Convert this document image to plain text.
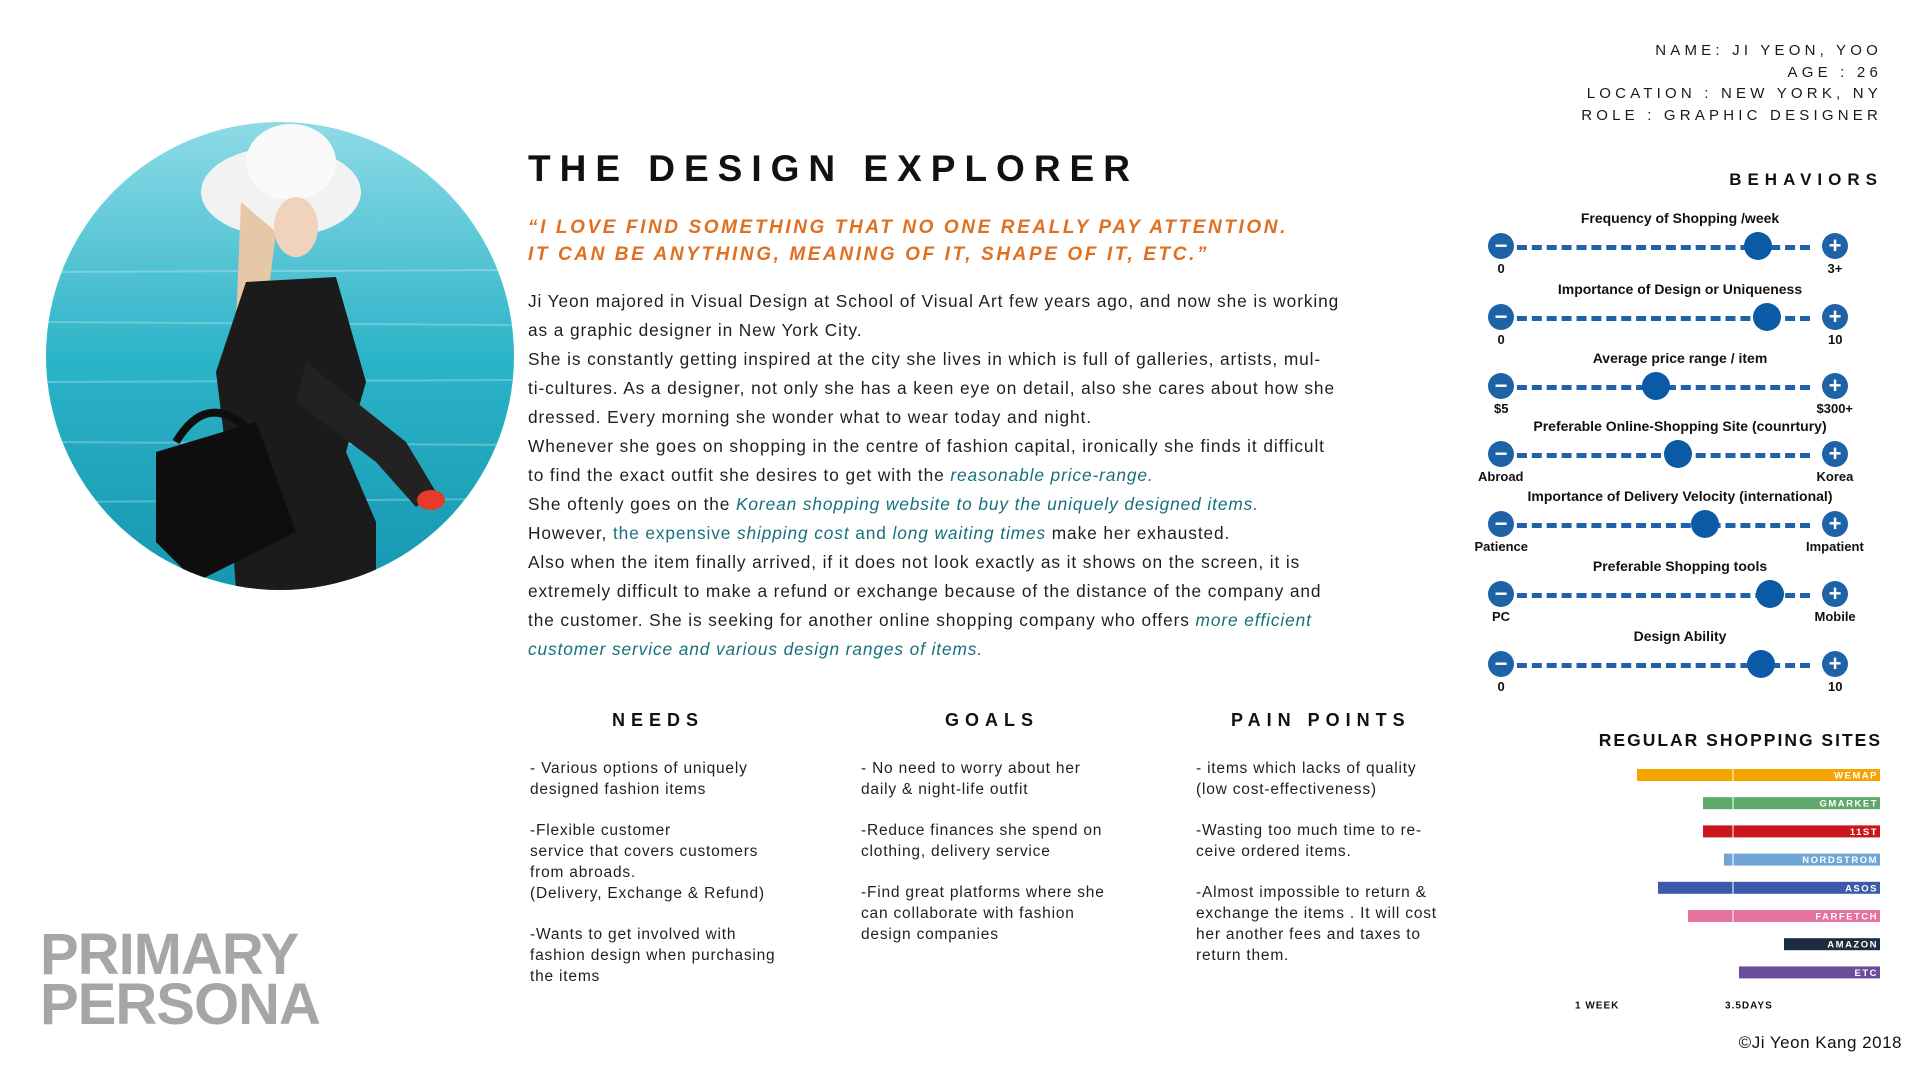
THE DESIGN EXPLORER
“I LOVE FIND SOMETHING THAT NO ONE REALLY PAY ATTENTION.
IT CAN BE ANYTHING, MEANING OF IT, SHAPE OF IT, ETC.”
Ji Yeon majored in Visual Design at School of Visual Art few years ago, and now she is working
as a graphic designer in New York City.
She is constantly getting inspired at the city she lives in which is full of galleries, artists, mul-
ti-cultures. As a designer, not only she has a keen eye on detail, also she cares about how she
dressed. Every morning she wonder what to wear today and night.
Whenever she goes on shopping in the centre of fashion capital, ironically she finds it difficult
to find the exact outfit she desires to get with the reasonable price-range.
She oftenly goes on the Korean shopping website to buy the uniquely designed items.
However, the expensive shipping cost and long waiting times make her exhausted.
Also when the item finally arrived, if it does not look exactly as it shows on the screen, it is
extremely difficult to make a refund or exchange because of the distance of the company and
the customer. She is seeking for another online shopping company who offers more efficient
customer service and various design ranges of items.
NEEDS
- Various options of uniquely
designed fashion items
-Flexible customer
service that covers customers
from abroads.
(Delivery, Exchange & Refund)
-Wants to get involved with
fashion design when purchasing
the items
GOALS
- No need to worry about her
daily & night-life outfit
-Reduce finances she spend on
clothing, delivery service
-Find great platforms where she
can collaborate with fashion
design companies
PAIN POINTS
- items which lacks of quality
(low cost-effectiveness)
-Wasting too much time to re-
ceive ordered items.
-Almost impossible to return &
exchange the items . It will cost
her another fees and taxes to
return them.
PRIMARY
PERSONA
NAME: JI YEON, YOO
AGE : 26
LOCATION : NEW YORK, NY
ROLE : GRAPHIC DESIGNER
BEHAVIORS
Frequency of Shopping /week
−	+
0	3+
Importance of Design or Uniqueness
−	+
0	10
Average price range / item
−	+
$5	$300+
Preferable Online-Shopping Site (counrtury)
−	+
Abroad	Korea
Importance of Delivery Velocity (international)
−	+
Patience	Impatient
Preferable Shopping tools
−	+
PC	Mobile
Design Ability
−	+
0	10
REGULAR SHOPPING SITES
WEMAP
GMARKET
11ST
NORDSTROM
ASOS
FARFETCH
AMAZON
ETC
1 WEEK	3.5DAYS
©Ji Yeon Kang 2018
